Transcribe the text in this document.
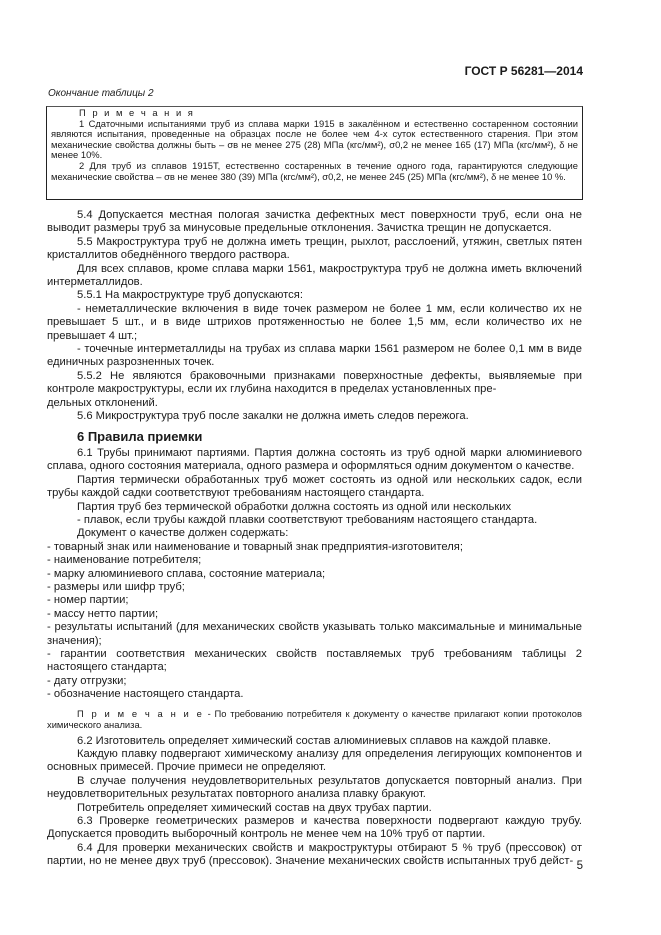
ГОСТ Р 56281—2014
Окончание таблицы 2

П р и м е ч а н и я

1 Сдаточными испытаниями труб из сплава марки 1915 в закалённом и естественно состаренном состоянии являются испытания, проведенные на образцах после не более чем 4-х суток естественного старения. При этом механические свойства должны быть – σв не менее 275 (28) МПа (кгс/мм²), σ0,2 не менее 165 (17) МПа (кгс/мм²), δ не менее 10%.

2 Для труб из сплавов 1915Т, естественно состаренных в течение одного года, гарантируются следующие механические свойства – σв не менее 380 (39) МПа (кгс/мм²), σ0,2, не менее 245 (25) МПа (кгс/мм²), δ не менее 10 %.

5.4 Допускается местная пологая зачистка дефектных мест поверхности труб, если она не выводит размеры труб за минусовые предельные отклонения. Зачистка трещин не допускается.

5.5 Макроструктура труб не должна иметь трещин, рыхлот, расслоений, утяжин, светлых пятен кристаллитов обеднённого твердого раствора.

Для всех сплавов, кроме сплава марки 1561, макроструктура труб не должна иметь включений интерметаллидов.

5.5.1 На макроструктуре труб допускаются:

- неметаллические включения в виде точек размером не более 1 мм, если количество их не превышает 5 шт., и в виде штрихов протяженностью не более 1,5 мм, если количество их не превышает 4 шт.;

- точечные интерметаллиды на трубах из сплава марки 1561 размером не более 0,1 мм в виде единичных разрозненных точек.

5.5.2 Не являются браковочными признаками поверхностные дефекты, выявляемые при контроле макроструктуры, если их глубина находится в пределах установленных пре-

дельных отклонений.

5.6 Микроструктура труб после закалки не должна иметь следов пережога.

6 Правила приемки

6.1 Трубы принимают партиями. Партия должна состоять из труб одной марки алюминиевого сплава, одного состояния материала, одного размера и оформляться одним документом о качестве.

Партия термически обработанных труб может состоять из одной или нескольких садок, если трубы каждой садки соответствуют требованиям настоящего стандарта.

Партия труб без термической обработки должна состоять из одной или нескольких

- плавок, если трубы каждой плавки соответствуют требованиям настоящего стандарта.

Документ о качестве должен содержать:

- товарный знак или наименование и товарный знак предприятия-изготовителя;

- наименование потребителя;

- марку алюминиевого сплава, состояние материала;

- размеры или шифр труб;

- номер партии;

- массу нетто партии;

- результаты испытаний (для механических свойств указывать только максимальные и минимальные значения);

- гарантии соответствия механических свойств поставляемых труб требованиям таблицы 2 настоящего стандарта;

- дату отгрузки;

- обозначение настоящего стандарта.

П р и м е ч а н и е - По требованию потребителя к документу о качестве прилагают копии протоколов химического анализа.

6.2 Изготовитель определяет химический состав алюминиевых сплавов на каждой плавке.

Каждую плавку подвергают химическому анализу для определения легирующих компонентов и основных примесей. Прочие примеси не определяют.

В случае получения неудовлетворительных результатов допускается повторный анализ. При неудовлетворительных результатах повторного анализа плавку бракуют.

Потребитель определяет химический состав на двух трубах партии.

6.3 Проверке геометрических размеров и качества поверхности подвергают каждую трубу. Допускается проводить выборочный контроль не менее чем на 10% труб от партии.

6.4 Для проверки механических свойств и макроструктуры отбирают 5 % труб (прессовок) от партии, но не менее двух труб (прессовок). Значение механических свойств испытанных труб дейст- 5
